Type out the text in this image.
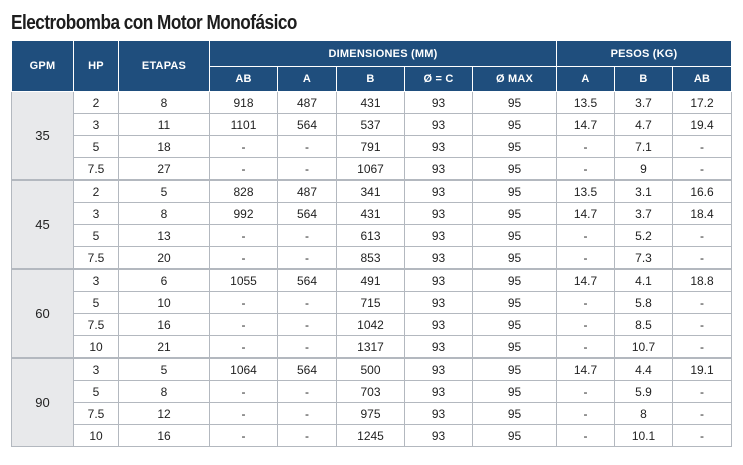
Electrobomba con Motor Monofásico
GPM	HP	ETAPAS	DIMENSIONES (MM)					PESOS (KG)		
			AB	A	B	Ø = C	Ø MAX	A	B	AB
35	2	8	918	487	431	93	95	13.5	3.7	17.2
	3	11	1101	564	537	93	95	14.7	4.7	19.4
	5	18	-	-	791	93	95	-	7.1	-
	7.5	27	-	-	1067	93	95	-	9	-
45	2	5	828	487	341	93	95	13.5	3.1	16.6
	3	8	992	564	431	93	95	14.7	3.7	18.4
	5	13	-	-	613	93	95	-	5.2	-
	7.5	20	-	-	853	93	95	-	7.3	-
60	3	6	1055	564	491	93	95	14.7	4.1	18.8
	5	10	-	-	715	93	95	-	5.8	-
	7.5	16	-	-	1042	93	95	-	8.5	-
	10	21	-	-	1317	93	95	-	10.7	-
90	3	5	1064	564	500	93	95	14.7	4.4	19.1
	5	8	-	-	703	93	95	-	5.9	-
	7.5	12	-	-	975	93	95	-	8	-
	10	16	-	-	1245	93	95	-	10.1	-
